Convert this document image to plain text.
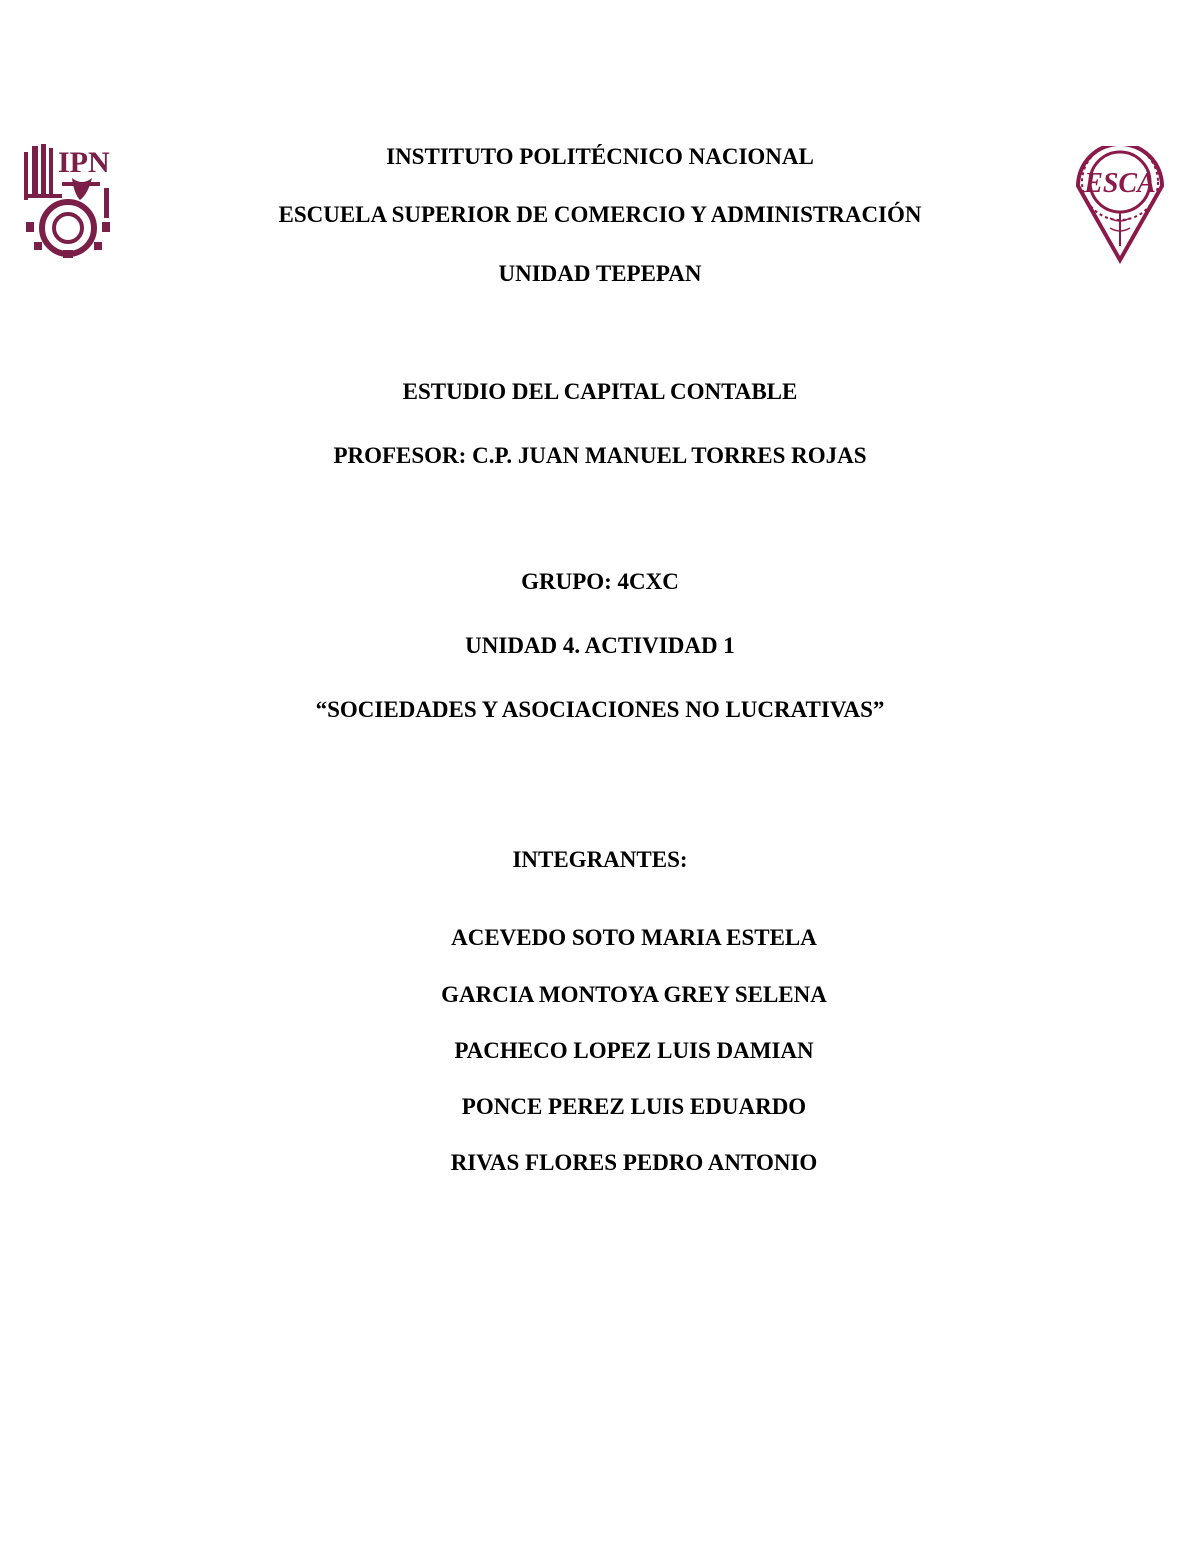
IPN
ESCA
INSTITUTO POLITÉCNICO NACIONAL
ESCUELA SUPERIOR DE COMERCIO Y ADMINISTRACIÓN
UNIDAD TEPEPAN
ESTUDIO DEL CAPITAL CONTABLE
PROFESOR: C.P. JUAN MANUEL TORRES ROJAS
GRUPO: 4CXC
UNIDAD 4. ACTIVIDAD 1
“SOCIEDADES Y ASOCIACIONES NO LUCRATIVAS”
INTEGRANTES:
ACEVEDO SOTO MARIA ESTELA
GARCIA MONTOYA GREY SELENA
PACHECO LOPEZ LUIS DAMIAN
PONCE PEREZ LUIS EDUARDO
RIVAS FLORES PEDRO ANTONIO
